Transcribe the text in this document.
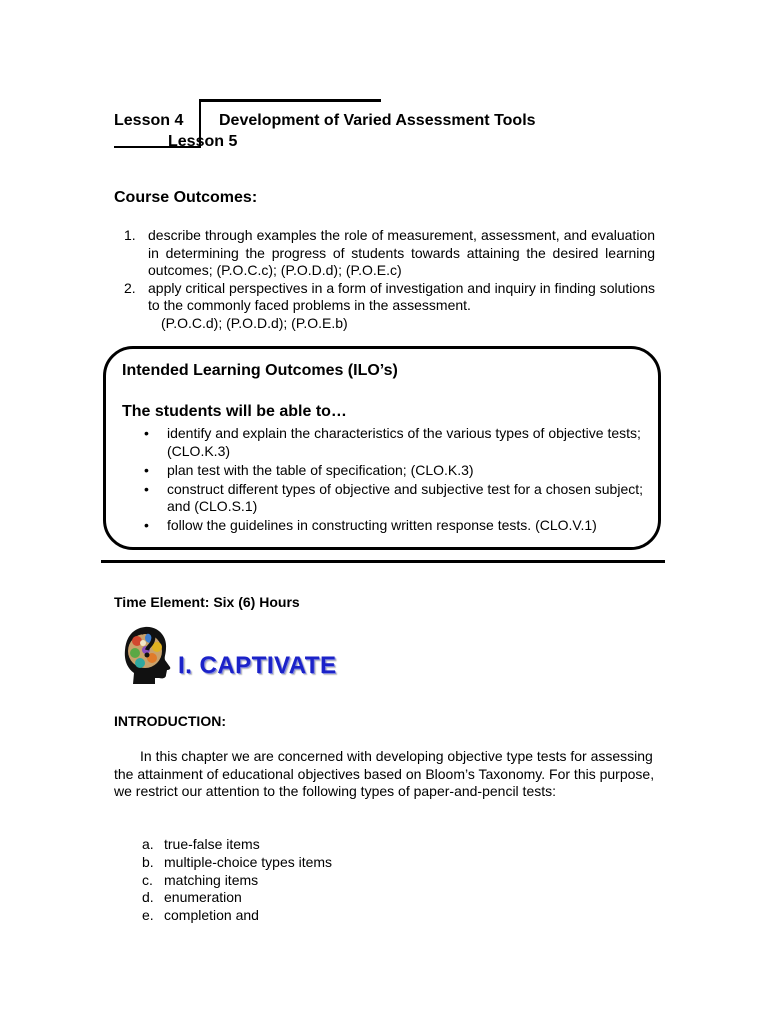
Lesson 4 Development of Varied Assessment Tools
Lesson 5
Course Outcomes:
1. describe through examples the role of measurement, assessment, and evaluation in determining the progress of students towards attaining the desired learning outcomes; (P.O.C.c); (P.O.D.d); (P.O.E.c)
2. apply critical perspectives in a form of investigation and inquiry in finding solutions to the commonly faced problems in the assessment.
(P.O.C.d); (P.O.D.d); (P.O.E.b)
Intended Learning Outcomes (ILO’s)
The students will be able to…
• identify and explain the characteristics of the various types of objective tests; (CLO.K.3)
• plan test with the table of specification; (CLO.K.3)
• construct different types of objective and subjective test for a chosen subject; and (CLO.S.1)
• follow the guidelines in constructing written response tests. (CLO.V.1)
Time Element: Six (6) Hours
I. CAPTIVATE
INTRODUCTION:
In this chapter we are concerned with developing objective type tests for assessing the attainment of educational objectives based on Bloom’s Taxonomy. For this purpose, we restrict our attention to the following types of paper-and-pencil tests:
a. true-false items
b. multiple-choice types items
c. matching items
d. enumeration
e. completion and
